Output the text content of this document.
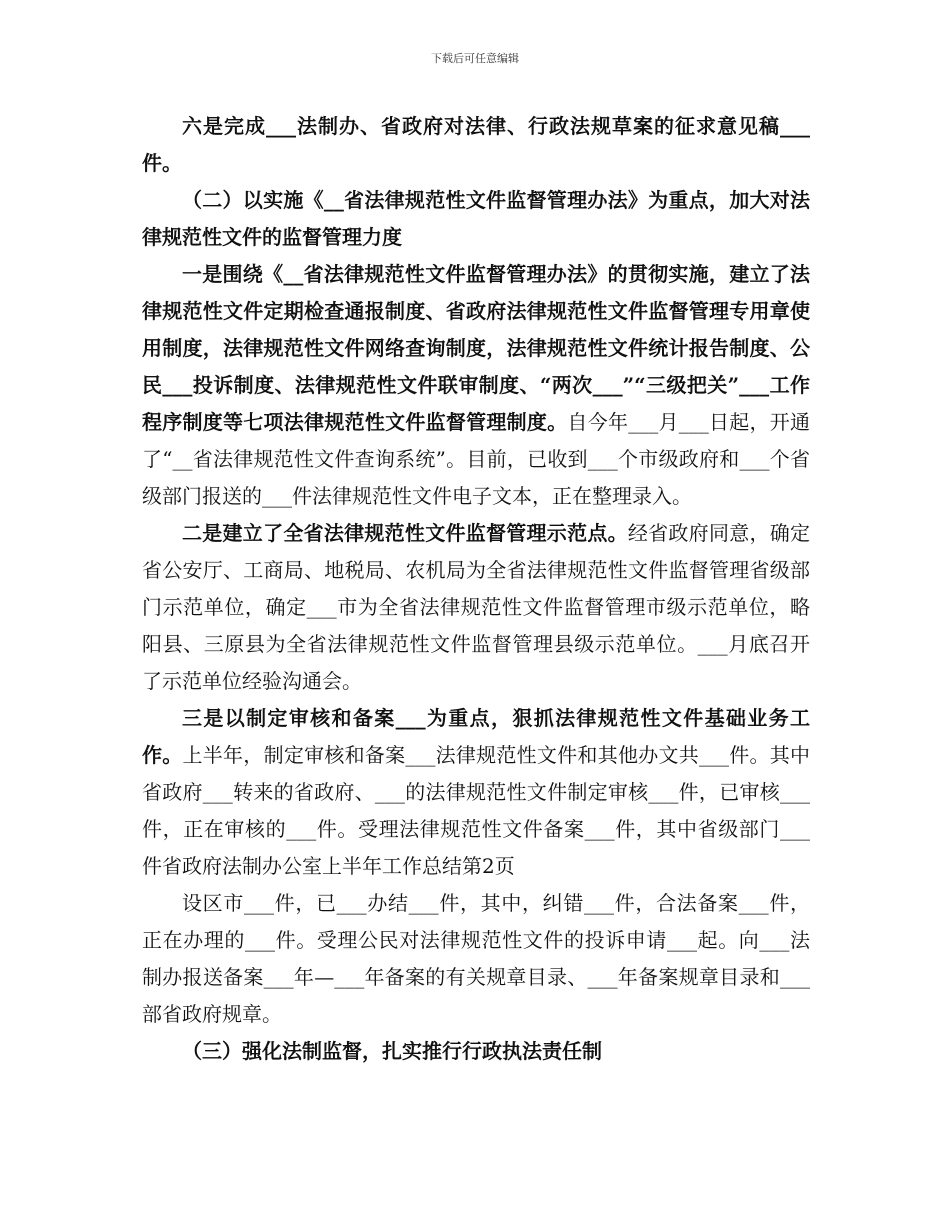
下载后可任意编辑

六是完成___法制办、省政府对法律、行政法规草案的征求意见稿___件。

（二）以实施《__省法律规范性文件监督管理办法》为重点，加大对法律规范性文件的监督管理力度

一是围绕《__省法律规范性文件监督管理办法》的贯彻实施，建立了法律规范性文件定期检查通报制度、省政府法律规范性文件监督管理专用章使用制度，法律规范性文件网络查询制度，法律规范性文件统计报告制度、公民___投诉制度、法律规范性文件联审制度、“两次___”“三级把关”___工作程序制度等七项法律规范性文件监督管理制度。自今年___月___日起，开通了“__省法律规范性文件查询系统”。目前，已收到___个市级政府和___个省级部门报送的___件法律规范性文件电子文本，正在整理录入。

二是建立了全省法律规范性文件监督管理示范点。经省政府同意，确定省公安厅、工商局、地税局、农机局为全省法律规范性文件监督管理省级部门示范单位，确定___市为全省法律规范性文件监督管理市级示范单位，略阳县、三原县为全省法律规范性文件监督管理县级示范单位。___月底召开了示范单位经验沟通会。

三是以制定审核和备案___为重点，狠抓法律规范性文件基础业务工作。上半年，制定审核和备案___法律规范性文件和其他办文共___件。其中省政府___转来的省政府、___的法律规范性文件制定审核___件，已审核___件，正在审核的___件。受理法律规范性文件备案___件，其中省级部门___件省政府法制办公室上半年工作总结第2页

设区市___件，已___办结___件，其中，纠错___件，合法备案___件，正在办理的___件。受理公民对法律规范性文件的投诉申请___起。向___法制办报送备案___年—___年备案的有关规章目录、___年备案规章目录和___部省政府规章。

（三）强化法制监督，扎实推行行政执法责任制
